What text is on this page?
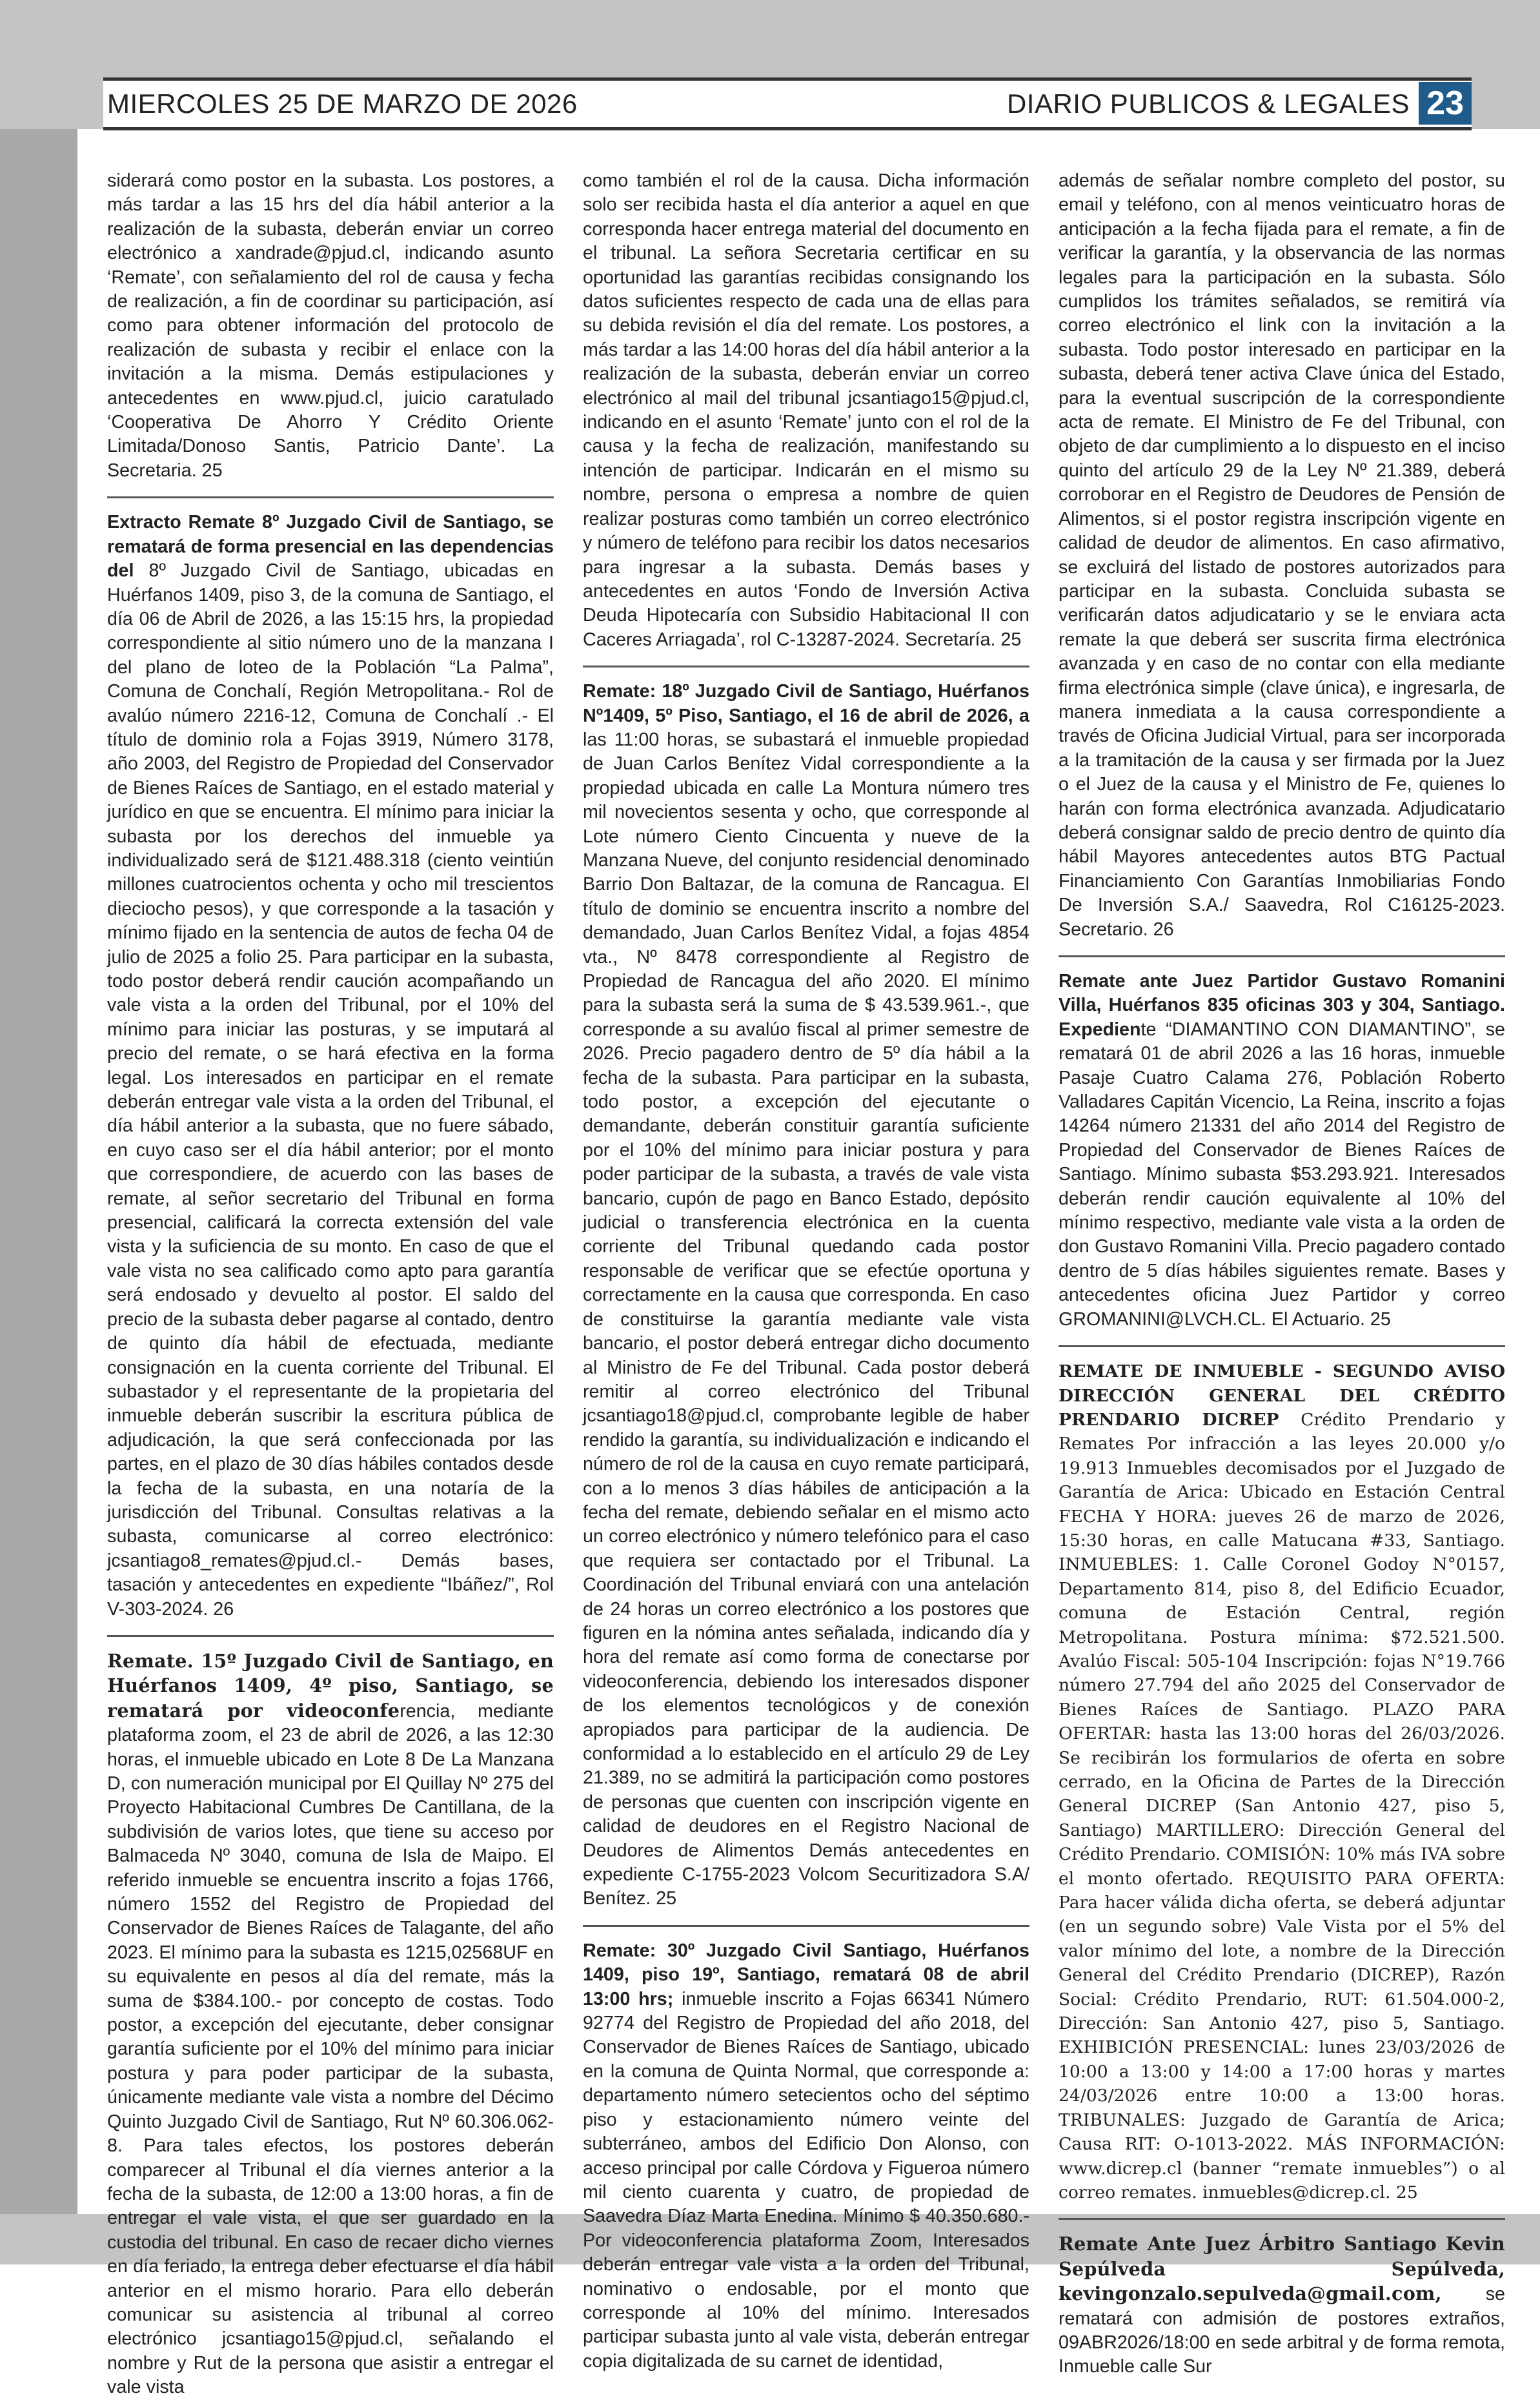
MIERCOLES 25 DE MARZO DE 2026	DIARIO PUBLICOS & LEGALES 23

siderará como postor en la subasta. Los postores, a más tardar a las 15 hrs del día hábil anterior a la realización de la subasta, deberán enviar un correo electrónico a xandrade@pjud.cl, indicando asunto ‘Remate’, con señalamiento del rol de causa y fecha de realización, a fin de coordinar su participación, así como para obtener información del protocolo de realización de subasta y recibir el enlace con la invitación a la misma. Demás estipulaciones y antecedentes en www.pjud.cl, juicio caratulado ‘Cooperativa De Ahorro Y Crédito Oriente Limitada/Donoso Santis, Patricio Dante’. La Secretaria. 25

Extracto Remate 8º Juzgado Civil de Santiago, se rematará de forma presencial en las dependencias del 8º Juzgado Civil de Santiago, ubicadas en Huérfanos 1409, piso 3, de la comuna de Santiago, el día 06 de Abril de 2026, a las 15:15 hrs, la propiedad correspondiente al sitio número uno de la manzana I del plano de loteo de la Población “La Palma”, Comuna de Conchalí, Región Metropolitana.- Rol de avalúo número 2216-12, Comuna de Conchalí .- El título de dominio rola a Fojas 3919, Número 3178, año 2003, del Registro de Propiedad del Conservador de Bienes Raíces de Santiago, en el estado material y jurídico en que se encuentra. El mínimo para iniciar la subasta por los derechos del inmueble ya individualizado será de $121.488.318 (ciento veintiún millones cuatrocientos ochenta y ocho mil trescientos dieciocho pesos), y que corresponde a la tasación y mínimo fijado en la sentencia de autos de fecha 04 de julio de 2025 a folio 25. Para participar en la subasta, todo postor deberá rendir caución acompañando un vale vista a la orden del Tribunal, por el 10% del mínimo para iniciar las posturas, y se imputará al precio del remate, o se hará efectiva en la forma legal. Los interesados en participar en el remate deberán entregar vale vista a la orden del Tribunal, el día hábil anterior a la subasta, que no fuere sábado, en cuyo caso ser el día hábil anterior; por el monto que correspondiere, de acuerdo con las bases de remate, al señor secretario del Tribunal en forma presencial, calificará la correcta extensión del vale vista y la suficiencia de su monto. En caso de que el vale vista no sea calificado como apto para garantía será endosado y devuelto al postor. El saldo del precio de la subasta deber pagarse al contado, dentro de quinto día hábil de efectuada, mediante consignación en la cuenta corriente del Tribunal. El subastador y el representante de la propietaria del inmueble deberán suscribir la escritura pública de adjudicación, la que será confeccionada por las partes, en el plazo de 30 días hábiles contados desde la fecha de la subasta, en una notaría de la jurisdicción del Tribunal. Consultas relativas a la subasta, comunicarse al correo electrónico: jcsantiago8_remates@pjud.cl.- Demás bases, tasación y antecedentes en expediente “Ibáñez/”, Rol V-303-2024. 26

Remate. 15º Juzgado Civil de Santiago, en Huérfanos 1409, 4º piso, Santiago, se rematará por videoconferencia, mediante plataforma zoom, el 23 de abril de 2026, a las 12:30 horas, el inmueble ubicado en Lote 8 De La Manzana D, con numeración municipal por El Quillay Nº 275 del Proyecto Habitacional Cumbres De Cantillana, de la subdivisión de varios lotes, que tiene su acceso por Balmaceda Nº 3040, comuna de Isla de Maipo. El referido inmueble se encuentra inscrito a fojas 1766, número 1552 del Registro de Propiedad del Conservador de Bienes Raíces de Talagante, del año 2023. El mínimo para la subasta es 1215,02568UF en su equivalente en pesos al día del remate, más la suma de $384.100.- por concepto de costas. Todo postor, a excepción del ejecutante, deber consignar garantía suficiente por el 10% del mínimo para iniciar postura y para poder participar de la subasta, únicamente mediante vale vista a nombre del Décimo Quinto Juzgado Civil de Santiago, Rut Nº 60.306.062-8. Para tales efectos, los postores deberán comparecer al Tribunal el día viernes anterior a la fecha de la subasta, de 12:00 a 13:00 horas, a fin de entregar el vale vista, el que ser guardado en la custodia del tribunal. En caso de recaer dicho viernes en día feriado, la entrega deber efectuarse el día hábil anterior en el mismo horario. Para ello deberán comunicar su asistencia al tribunal al correo electrónico jcsantiago15@pjud.cl, señalando el nombre y Rut de la persona que asistir a entregar el vale vista

como también el rol de la causa. Dicha información solo ser recibida hasta el día anterior a aquel en que corresponda hacer entrega material del documento en el tribunal. La señora Secretaria certificar en su oportunidad las garantías recibidas consignando los datos suficientes respecto de cada una de ellas para su debida revisión el día del remate. Los postores, a más tardar a las 14:00 horas del día hábil anterior a la realización de la subasta, deberán enviar un correo electrónico al mail del tribunal jcsantiago15@pjud.cl, indicando en el asunto ‘Remate’ junto con el rol de la causa y la fecha de realización, manifestando su intención de participar. Indicarán en el mismo su nombre, persona o empresa a nombre de quien realizar posturas como también un correo electrónico y número de teléfono para recibir los datos necesarios para ingresar a la subasta. Demás bases y antecedentes en autos ‘Fondo de Inversión Activa Deuda Hipotecaría con Subsidio Habitacional II con Caceres Arriagada’, rol C-13287-2024. Secretaría. 25

Remate: 18º Juzgado Civil de Santiago, Huérfanos Nº1409, 5º Piso, Santiago, el 16 de abril de 2026, a las 11:00 horas, se subastará el inmueble propiedad de Juan Carlos Benítez Vidal correspondiente a la propiedad ubicada en calle La Montura número tres mil novecientos sesenta y ocho, que corresponde al Lote número Ciento Cincuenta y nueve de la Manzana Nueve, del conjunto residencial denominado Barrio Don Baltazar, de la comuna de Rancagua. El título de dominio se encuentra inscrito a nombre del demandado, Juan Carlos Benítez Vidal, a fojas 4854 vta., Nº 8478 correspondiente al Registro de Propiedad de Rancagua del año 2020. El mínimo para la subasta será la suma de $ 43.539.961.-, que corresponde a su avalúo fiscal al primer semestre de 2026. Precio pagadero dentro de 5º día hábil a la fecha de la subasta. Para participar en la subasta, todo postor, a excepción del ejecutante o demandante, deberán constituir garantía suficiente por el 10% del mínimo para iniciar postura y para poder participar de la subasta, a través de vale vista bancario, cupón de pago en Banco Estado, depósito judicial o transferencia electrónica en la cuenta corriente del Tribunal quedando cada postor responsable de verificar que se efectúe oportuna y correctamente en la causa que corresponda. En caso de constituirse la garantía mediante vale vista bancario, el postor deberá entregar dicho documento al Ministro de Fe del Tribunal. Cada postor deberá remitir al correo electrónico del Tribunal jcsantiago18@pjud.cl, comprobante legible de haber rendido la garantía, su individualización e indicando el número de rol de la causa en cuyo remate participará, con a lo menos 3 días hábiles de anticipación a la fecha del remate, debiendo señalar en el mismo acto un correo electrónico y número telefónico para el caso que requiera ser contactado por el Tribunal. La Coordinación del Tribunal enviará con una antelación de 24 horas un correo electrónico a los postores que figuren en la nómina antes señalada, indicando día y hora del remate así como forma de conectarse por videoconferencia, debiendo los interesados disponer de los elementos tecnológicos y de conexión apropiados para participar de la audiencia. De conformidad a lo establecido en el artículo 29 de Ley 21.389, no se admitirá la participación como postores de personas que cuenten con inscripción vigente en calidad de deudores en el Registro Nacional de Deudores de Alimentos Demás antecedentes en expediente C-1755-2023 Volcom Securitizadora S.A/ Benítez. 25

Remate: 30º Juzgado Civil Santiago, Huérfanos 1409, piso 19º, Santiago, rematará 08 de abril 13:00 hrs; inmueble inscrito a Fojas 66341 Número 92774 del Registro de Propiedad del año 2018, del Conservador de Bienes Raíces de Santiago, ubicado en la comuna de Quinta Normal, que corresponde a: departamento número setecientos ocho del séptimo piso y estacionamiento número veinte del subterráneo, ambos del Edificio Don Alonso, con acceso principal por calle Córdova y Figueroa número mil ciento cuarenta y cuatro, de propiedad de Saavedra Díaz Marta Enedina. Mínimo $ 40.350.680.- Por videoconferencia plataforma Zoom, Interesados deberán entregar vale vista a la orden del Tribunal, nominativo o endosable, por el monto que corresponde al 10% del mínimo. Interesados participar subasta junto al vale vista, deberán entregar copia digitalizada de su carnet de identidad,

además de señalar nombre completo del postor, su email y teléfono, con al menos veinticuatro horas de anticipación a la fecha fijada para el remate, a fin de verificar la garantía, y la observancia de las normas legales para la participación en la subasta. Sólo cumplidos los trámites señalados, se remitirá vía correo electrónico el link con la invitación a la subasta. Todo postor interesado en participar en la subasta, deberá tener activa Clave única del Estado, para la eventual suscripción de la correspondiente acta de remate. El Ministro de Fe del Tribunal, con objeto de dar cumplimiento a lo dispuesto en el inciso quinto del artículo 29 de la Ley Nº 21.389, deberá corroborar en el Registro de Deudores de Pensión de Alimentos, si el postor registra inscripción vigente en calidad de deudor de alimentos. En caso afirmativo, se excluirá del listado de postores autorizados para participar en la subasta. Concluida subasta se verificarán datos adjudicatario y se le enviara acta remate la que deberá ser suscrita firma electrónica avanzada y en caso de no contar con ella mediante firma electrónica simple (clave única), e ingresarla, de manera inmediata a la causa correspondiente a través de Oficina Judicial Virtual, para ser incorporada a la tramitación de la causa y ser firmada por la Juez o el Juez de la causa y el Ministro de Fe, quienes lo harán con forma electrónica avanzada. Adjudicatario deberá consignar saldo de precio dentro de quinto día hábil Mayores antecedentes autos BTG Pactual Financiamiento Con Garantías Inmobiliarias Fondo De Inversión S.A./ Saavedra, Rol C16125-2023. Secretario. 26

Remate ante Juez Partidor Gustavo Romanini Villa, Huérfanos 835 oficinas 303 y 304, Santiago. Expediente “DIAMANTINO CON DIAMANTINO”, se rematará 01 de abril 2026 a las 16 horas, inmueble Pasaje Cuatro Calama 276, Población Roberto Valladares Capitán Vicencio, La Reina, inscrito a fojas 14264 número 21331 del año 2014 del Registro de Propiedad del Conservador de Bienes Raíces de Santiago. Mínimo subasta $53.293.921. Interesados deberán rendir caución equivalente al 10% del mínimo respectivo, mediante vale vista a la orden de don Gustavo Romanini Villa. Precio pagadero contado dentro de 5 días hábiles siguientes remate. Bases y antecedentes oficina Juez Partidor y correo GROMANINI@LVCH.CL. El Actuario. 25

REMATE DE INMUEBLE - SEGUNDO AVISO DIRECCIÓN GENERAL DEL CRÉDITO PRENDARIO DICREP Crédito Prendario y Remates Por infracción a las leyes 20.000 y/o 19.913 Inmuebles decomisados por el Juzgado de Garantía de Arica: Ubicado en Estación Central FECHA Y HORA: jueves 26 de marzo de 2026, 15:30 horas, en calle Matucana #33, Santiago. INMUEBLES: 1. Calle Coronel Godoy N°0157, Departamento 814, piso 8, del Edificio Ecuador, comuna de Estación Central, región Metropolitana. Postura mínima: $72.521.500. Avalúo Fiscal: 505-104 Inscripción: fojas N°19.766 número 27.794 del año 2025 del Conservador de Bienes Raíces de Santiago. PLAZO PARA OFERTAR: hasta las 13:00 horas del 26/03/2026. Se recibirán los formularios de oferta en sobre cerrado, en la Oficina de Partes de la Dirección General DICREP (San Antonio 427, piso 5, Santiago) MARTILLERO: Dirección General del Crédito Prendario. COMISIÓN: 10% más IVA sobre el monto ofertado. REQUISITO PARA OFERTA: Para hacer válida dicha oferta, se deberá adjuntar (en un segundo sobre) Vale Vista por el 5% del valor mínimo del lote, a nombre de la Dirección General del Crédito Prendario (DICREP), Razón Social: Crédito Prendario, RUT: 61.504.000-2, Dirección: San Antonio 427, piso 5, Santiago. EXHIBICIÓN PRESENCIAL: lunes 23/03/2026 de 10:00 a 13:00 y 14:00 a 17:00 horas y martes 24/03/2026 entre 10:00 a 13:00 horas. TRIBUNALES: Juzgado de Garantía de Arica; Causa RIT: O-1013-2022. MÁS INFORMACIÓN: www.dicrep.cl (banner “remate inmuebles”) o al correo remates. inmuebles@dicrep.cl. 25

Remate Ante Juez Árbitro Santiago Kevin Sepúlveda Sepúlveda, kevingonzalo.sepulveda@gmail.com, se rematará con admisión de postores extraños, 09ABR2026/18:00 en sede arbitral y de forma remota, Inmueble calle Sur
